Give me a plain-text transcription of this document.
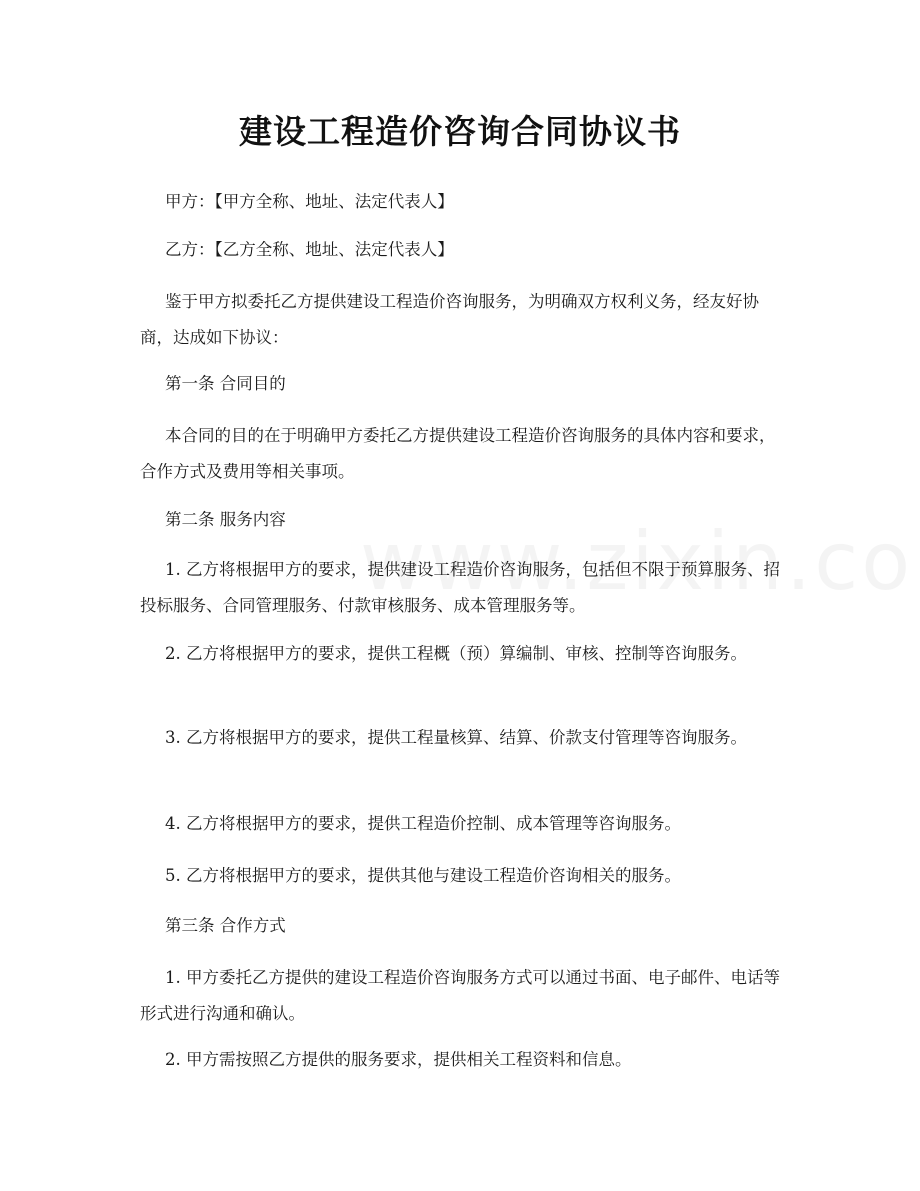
建设工程造价咨询合同协议书

甲方：【甲方全称、地址、法定代表人】

乙方：【乙方全称、地址、法定代表人】

鉴于甲方拟委托乙方提供建设工程造价咨询服务，为明确双方权利义务，经友好协商，达成如下协议：

第一条 合同目的

本合同的目的在于明确甲方委托乙方提供建设工程造价咨询服务的具体内容和要求，合作方式及费用等相关事项。

第二条 服务内容

1. 乙方将根据甲方的要求，提供建设工程造价咨询服务，包括但不限于预算服务、招投标服务、合同管理服务、付款审核服务、成本管理服务等。

2. 乙方将根据甲方的要求，提供工程概（预）算编制、审核、控制等咨询服务。

3. 乙方将根据甲方的要求，提供工程量核算、结算、价款支付管理等咨询服务。

4. 乙方将根据甲方的要求，提供工程造价控制、成本管理等咨询服务。

5. 乙方将根据甲方的要求，提供其他与建设工程造价咨询相关的服务。

第三条 合作方式

1. 甲方委托乙方提供的建设工程造价咨询服务方式可以通过书面、电子邮件、电话等形式进行沟通和确认。

2. 甲方需按照乙方提供的服务要求，提供相关工程资料和信息。
